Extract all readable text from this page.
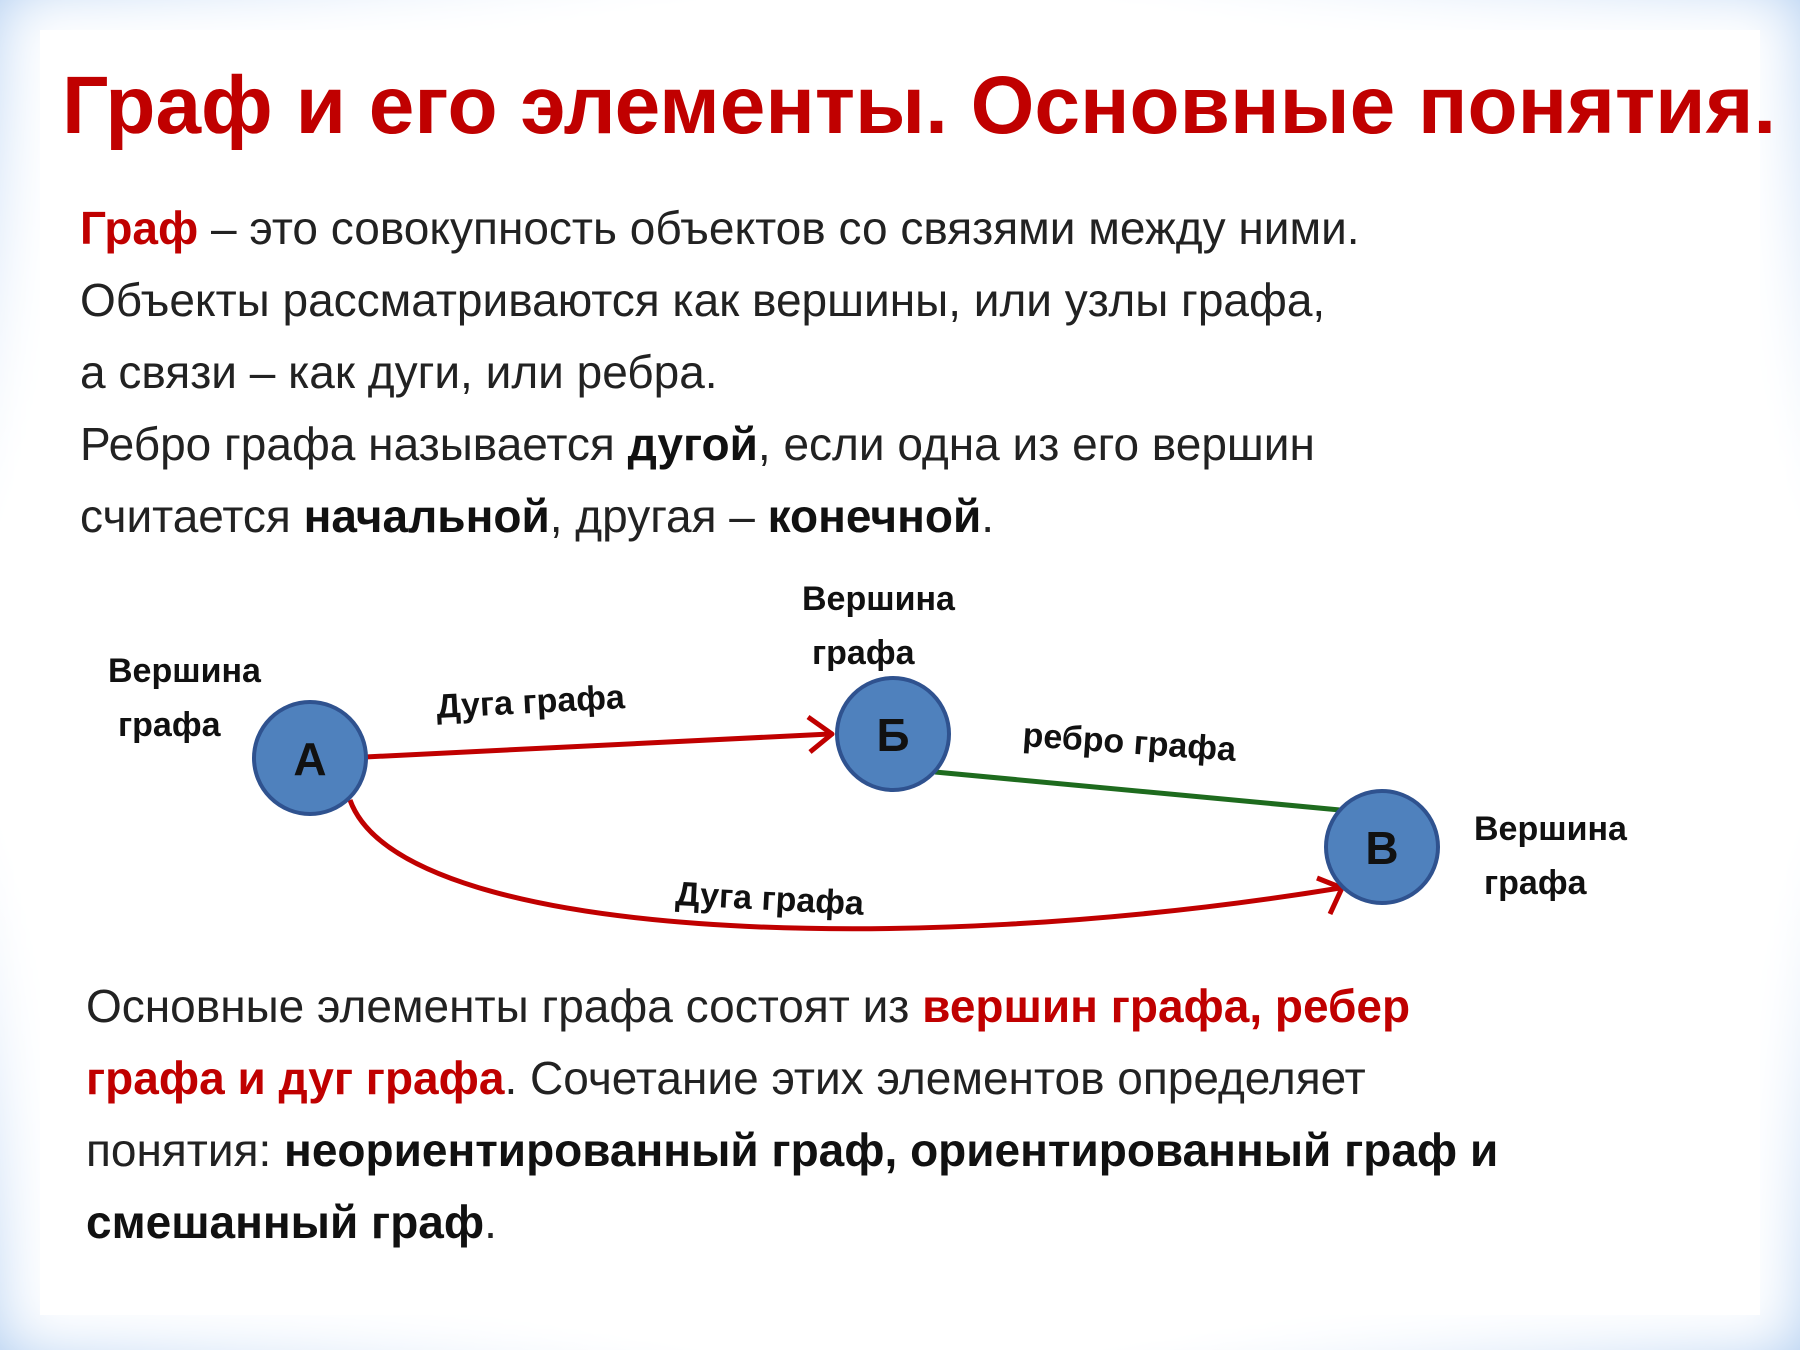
Граф и его элементы. Основные понятия.

Граф – это совокупность объектов со связями между ними.

Объекты рассматриваются как вершины, или узлы графа,

а связи – как дуги, или ребра.

Ребро графа называется дугой, если одна из его вершин

считается начальной, другая – конечной.

А	Б
В
Вершина
графа
Вершина
графа
Вершина
графа
Дуга графа
ребро графа
Дуга графа

Основные элементы графа состоят из вершин графа, ребер

графа и дуг графа. Сочетание этих элементов определяет

понятия: неориентированный граф, ориентированный граф и

смешанный граф.
